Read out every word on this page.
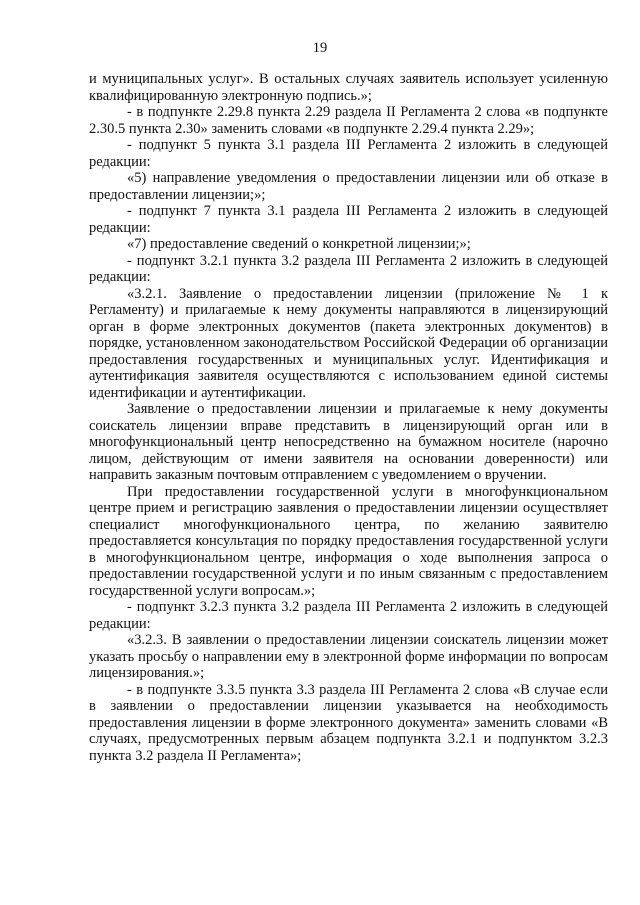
19

и муниципальных услуг». В остальных случаях заявитель использует усиленную квалифицированную электронную подпись.»;

- в подпункте 2.29.8 пункта 2.29 раздела II Регламента 2 слова «в подпункте 2.30.5 пункта 2.30» заменить словами «в подпункте 2.29.4 пункта 2.29»;

- подпункт 5 пункта 3.1 раздела III Регламента 2 изложить в следующей редакции:

«5) направление уведомления о предоставлении лицензии или об отказе в предоставлении лицензии;»;

- подпункт 7 пункта 3.1 раздела III Регламента 2 изложить в следующей редакции:

«7) предоставление сведений о конкретной лицензии;»;

- подпункт 3.2.1 пункта 3.2 раздела III Регламента 2 изложить в следующей редакции:

«3.2.1. Заявление о предоставлении лицензии (приложение № 1 к Регламенту) и прилагаемые к нему документы направляются в лицензирующий орган в форме электронных документов (пакета электронных документов) в порядке, установленном законодательством Российской Федерации об организации предоставления государственных и муниципальных услуг. Идентификация и аутентификация заявителя осуществляются с использованием единой системы идентификации и аутентификации.

Заявление о предоставлении лицензии и прилагаемые к нему документы соискатель лицензии вправе представить в лицензирующий орган или в многофункциональный центр непосредственно на бумажном носителе (нарочно лицом, действующим от имени заявителя на основании доверенности) или направить заказным почтовым отправлением с уведомлением о вручении.

При предоставлении государственной услуги в многофункциональном центре прием и регистрацию заявления о предоставлении лицензии осуществляет специалист многофункционального центра, по желанию заявителю предоставляется консультация по порядку предоставления государственной услуги в многофункциональном центре, информация о ходе выполнения запроса о предоставлении государственной услуги и по иным связанным с предоставлением государственной услуги вопросам.»;

- подпункт 3.2.3 пункта 3.2 раздела III Регламента 2 изложить в следующей редакции:

«3.2.3. В заявлении о предоставлении лицензии соискатель лицензии может указать просьбу о направлении ему в электронной форме информации по вопросам лицензирования.»;

- в подпункте 3.3.5 пункта 3.3 раздела III Регламента 2 слова «В случае если в заявлении о предоставлении лицензии указывается на необходимость предоставления лицензии в форме электронного документа» заменить словами «В случаях, предусмотренных первым абзацем подпункта 3.2.1 и подпунктом 3.2.3 пункта 3.2 раздела II Регламента»;
